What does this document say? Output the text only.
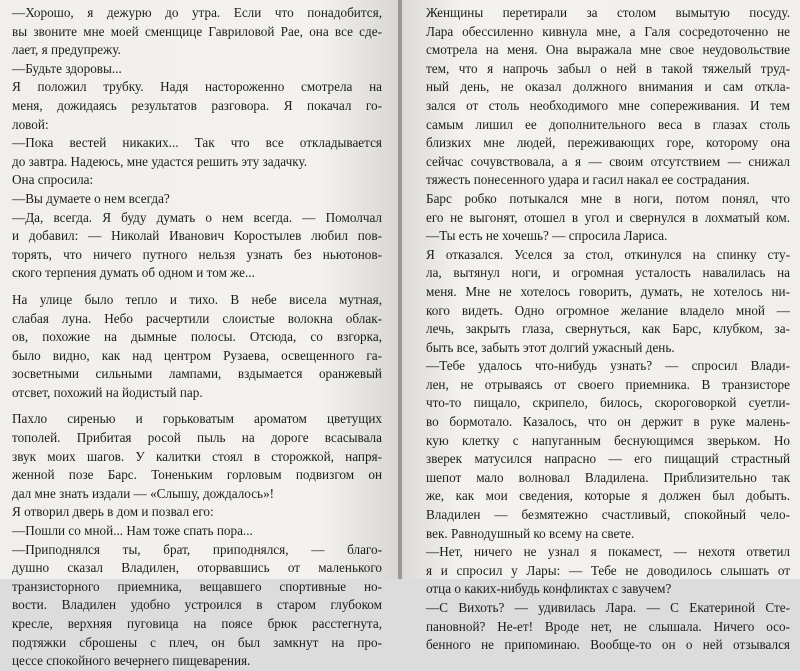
—Хорошо, я дежурю до утра. Если что понадобится,
вы звоните мне моей сменщице Гавриловой Рае, она все сде-
лает, я предупрежу.
—Будьте здоровы...
Я положил трубку. Надя настороженно смотрела на
меня, дожидаясь результатов разговора. Я покачал го-
ловой:
—Пока вестей никаких... Так что все откладывается
до завтра. Надеюсь, мне удастся решить эту задачку.
Она спросила:
—Вы думаете о нем всегда?
—Да, всегда. Я буду думать о нем всегда. — Помолчал
и добавил: — Николай Иванович Коростылев любил пов-
торять, что ничего путного нельзя узнать без ньютонов-
ского терпения думать об одном и том же...
На улице было тепло и тихо. В небе висела мутная,
слабая луна. Небо расчертили слоистые волокна облак-
ов, похожие на дымные полосы. Отсюда, со взгорка,
было видно, как над центром Рузаева, освещенного га-
зосветными сильными лампами, вздымается оранжевый
отсвет, похожий на йодистый пар.
Пахло сиренью и горьковатым ароматом цветущих
тополей. Прибитая росой пыль на дороге всасывала
звук моих шагов. У калитки стоял в сторожкой, напря-
женной позе Барс. Тоненьким горловым подвизгом он
дал мне знать издали — «Слышу, дождалось»!
Я отворил дверь в дом и позвал его:
—Пошли со мной... Нам тоже спать пора...
—Приподнялся ты, брат, приподнялся, — благо-
душно сказал Владилен, оторвавшись от маленького
транзисторного приемника, вещавшего спортивные но-
вости. Владилен удобно устроился в старом глубоком
кресле, верхняя пуговица на поясе брюк расстегнута,
подтяжки сброшены с плеч, он был замкнут на про-
цессе спокойного вечернего пищеварения.
Женщины перетирали за столом вымытую посуду.
Лара обессиленно кивнула мне, а Галя сосредоточенно не
смотрела на меня. Она выражала мне свое неудовольствие
тем, что я напрочь забыл о ней в такой тяжелый труд-
ный день, не оказал должного внимания и сам откла-
зался от столь необходимого мне сопереживания. И тем
самым лишил ее дополнительного веса в глазах столь
близких мне людей, переживающих горе, которому она
сейчас сочувствовала, а я — своим отсутствием — снижал
тяжесть понесенного удара и гасил накал ее сострадания.
Барс робко потыкался мне в ноги, потом понял, что
его не выгонят, отошел в угол и свернулся в лохматый ком.
—Ты есть не хочешь? — спросила Лариса.
Я отказался. Уселся за стол, откинулся на спинку сту-
ла, вытянул ноги, и огромная усталость навалилась на
меня. Мне не хотелось говорить, думать, не хотелось ни-
кого видеть. Одно огромное желание владело мной —
лечь, закрыть глаза, свернуться, как Барс, клубком, за-
быть все, забыть этот долгий ужасный день.
—Тебе удалось что-нибудь узнать? — спросил Влади-
лен, не отрываясь от своего приемника. В транзисторе
что-то пищало, скрипело, билось, скороговоркой суетли-
во бормотало. Казалось, что он держит в руке малень-
кую клетку с напуганным беснующимся зверьком. Но
зверек матусился напрасно — его пищащий страстный
шепот мало волновал Владилена. Приблизительно так
же, как мои сведения, которые я должен был добыть.
Владилен — безмятежно счастливый, спокойный чело-
век. Равнодушный ко всему на свете.
—Нет, ничего не узнал я покамест, — нехотя ответил
я и спросил у Лары: — Тебе не доводилось слышать от
отца о каких-нибудь конфликтах с завучем?
—С Вихоть? — удивилась Лара. — С Екатериной Сте-
пановной? Не-ет! Вроде нет, не слышала. Ничего осо-
бенного не припоминаю. Вообще-то он о ней отзывался
